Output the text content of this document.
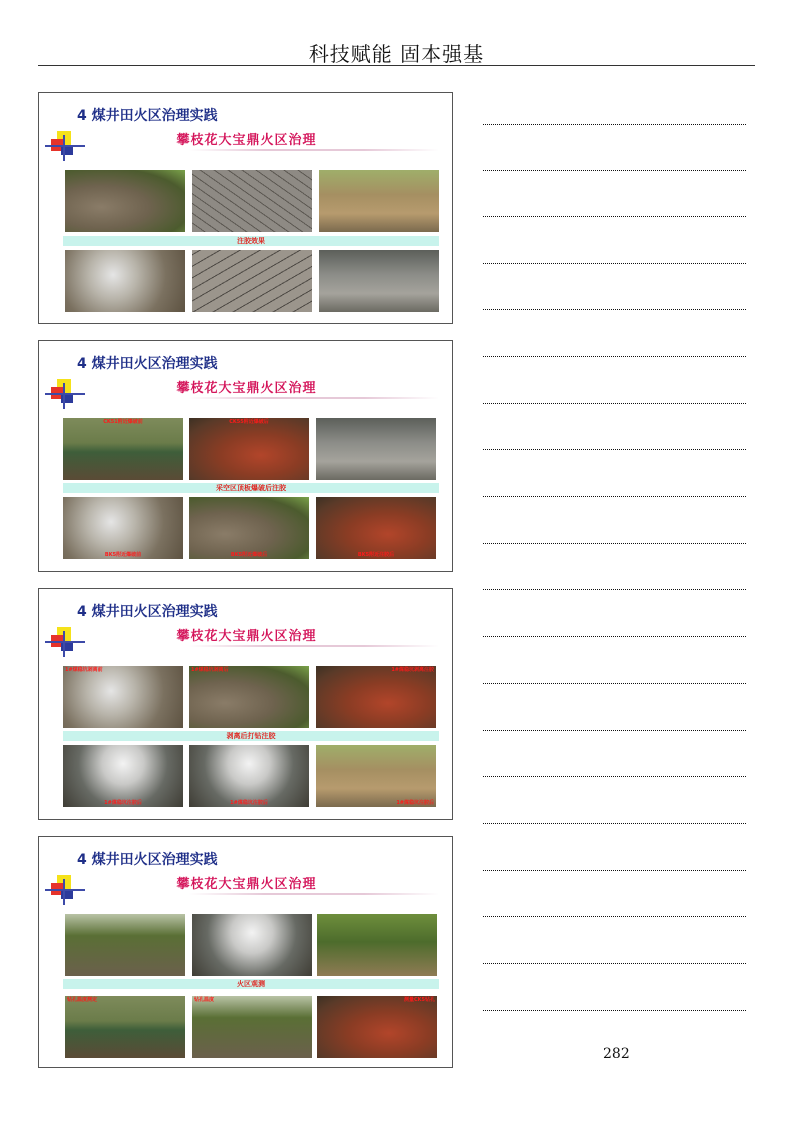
科技赋能 固本强基
4 煤井田火区治理实践
攀枝花大宝鼎火区治理
注胶效果
4 煤井田火区治理实践
攀枝花大宝鼎火区治理
CK51附近爆破前	CK55附近爆破后
采空区顶板爆破后注胶
BK5附近爆破前	BK5附近爆破后	BK5附近注胶后
4 煤井田火区治理实践
攀枝花大宝鼎火区治理
1#煤稳坑剥离前	1#煤稳坑剥离后	1#煤稳坑剥离注胶
剥离后打钻注胶
1#煤稳坑注胶后	1#煤稳坑注胶后	1#煤稳坑注胶后
4 煤井田火区治理实践
攀枝花大宝鼎火区治理
火区观测
钻孔温度测定	钻孔温度	测量CK5钻孔
282
